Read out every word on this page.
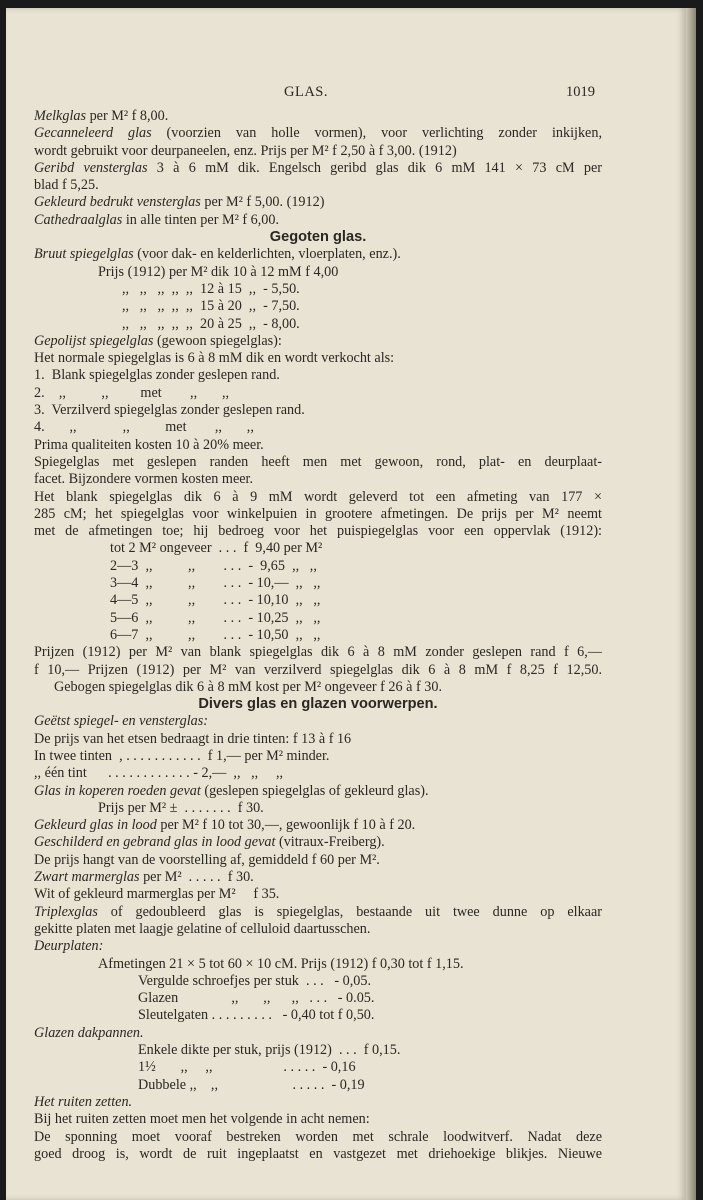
GLAS.	1019
Melkglas per M² f 8,00.
Gecanneleerd glas (voorzien van holle vormen), voor verlichting zonder inkijken,
wordt gebruikt voor deurpaneelen, enz. Prijs per M² f 2,50 à f 3,00. (1912)
Geribd vensterglas 3 à 6 mM dik. Engelsch geribd glas dik 6 mM 141 × 73 cM per
blad f 5,25.
Gekleurd bedrukt vensterglas per M² f 5,00. (1912)
Cathedraalglas in alle tinten per M² f 6,00.
Gegoten glas.
Bruut spiegelglas (voor dak- en kelderlichten, vloerplaten, enz.).
Prijs (1912) per M² dik 10 à 12 mM f 4,00
,,   ,,   ,,  ,,  ,,  12 à 15  ,,  - 5,50.
,,   ,,   ,,  ,,  ,,  15 à 20  ,,  - 7,50.
,,   ,,   ,,  ,,  ,,  20 à 25  ,,  - 8,00.
Gepolijst spiegelglas (gewoon spiegelglas):
Het normale spiegelglas is 6 à 8 mM dik en wordt verkocht als:
1.  Blank spiegelglas zonder geslepen rand.
2.    ,,          ,,         met        ,,       ,,
3.  Verzilverd spiegelglas zonder geslepen rand.
4.       ,,             ,,          met        ,,       ,,
Prima qualiteiten kosten 10 à 20% meer.
Spiegelglas met geslepen randen heeft men met gewoon, rond, plat- en deurplaat-
facet. Bijzondere vormen kosten meer.
Het blank spiegelglas dik 6 à 9 mM wordt geleverd tot een afmeting van 177 ×
285 cM; het spiegelglas voor winkelpuien in grootere afmetingen. De prijs per M² neemt
met de afmetingen toe; hij bedroeg voor het puispiegelglas voor een oppervlak (1912):
tot 2 M² ongeveer  . . .  f  9,40 per M²
2—3  ,,          ,,        . . .  -  9,65  ,,   ,,
3—4  ,,          ,,        . . .  - 10,—  ,,   ,,
4—5  ,,          ,,        . . .  - 10,10  ,,   ,,
5—6  ,,          ,,        . . .  - 10,25  ,,   ,,
6—7  ,,          ,,        . . .  - 10,50  ,,   ,,
Prijzen (1912) per M² van blank spiegelglas dik 6 à 8 mM zonder geslepen rand f 6,—
f 10,— Prijzen (1912) per M² van verzilverd spiegelglas dik 6 à 8 mM f 8,25 f 12,50.
Gebogen spiegelglas dik 6 à 8 mM kost per M² ongeveer f 26 à f 30.
Divers glas en glazen voorwerpen.
Geëtst spiegel- en vensterglas:
De prijs van het etsen bedraagt in drie tinten: f 13 à f 16
In twee tinten  , . . . . . . . . . . .  f 1,— per M² minder.
,, één tint      . . . . . . . . . . . . - 2,—  ,,   ,,     ,,
Glas in koperen roeden gevat (geslepen spiegelglas of gekleurd glas).
Prijs per M² ±  . . . . . . .  f 30.
Gekleurd glas in lood per M² f 10 tot 30,—, gewoonlijk f 10 à f 20.
Geschilderd en gebrand glas in lood gevat (vitraux-Freiberg).
De prijs hangt van de voorstelling af, gemiddeld f 60 per M².
Zwart marmerglas per M²  . . . . .  f 30.
Wit of gekleurd marmerglas per M²     f 35.
Triplexglas of gedoubleerd glas is spiegelglas, bestaande uit twee dunne op elkaar
gekitte platen met laagje gelatine of celluloid daartusschen.
Deurplaten:
Afmetingen 21 × 5 tot 60 × 10 cM. Prijs (1912) f 0,30 tot f 1,15.
Vergulde schroefjes per stuk  . . .   - 0,05.
Glazen               ,,       ,,      ,,   . . .   - 0.05.
Sleutelgaten . . . . . . . . .   - 0,40 tot f 0,50.
Glazen dakpannen.
Enkele dikte per stuk, prijs (1912)  . . .  f 0,15.
1½       ,,     ,,                    . . . . .  - 0,16
Dubbele ,,    ,,                     . . . . .  - 0,19
Het ruiten zetten.
Bij het ruiten zetten moet men het volgende in acht nemen:
De sponning moet vooraf bestreken worden met schrale loodwitverf. Nadat deze
goed droog is, wordt de ruit ingeplaatst en vastgezet met driehoekige blikjes. Nieuwe
